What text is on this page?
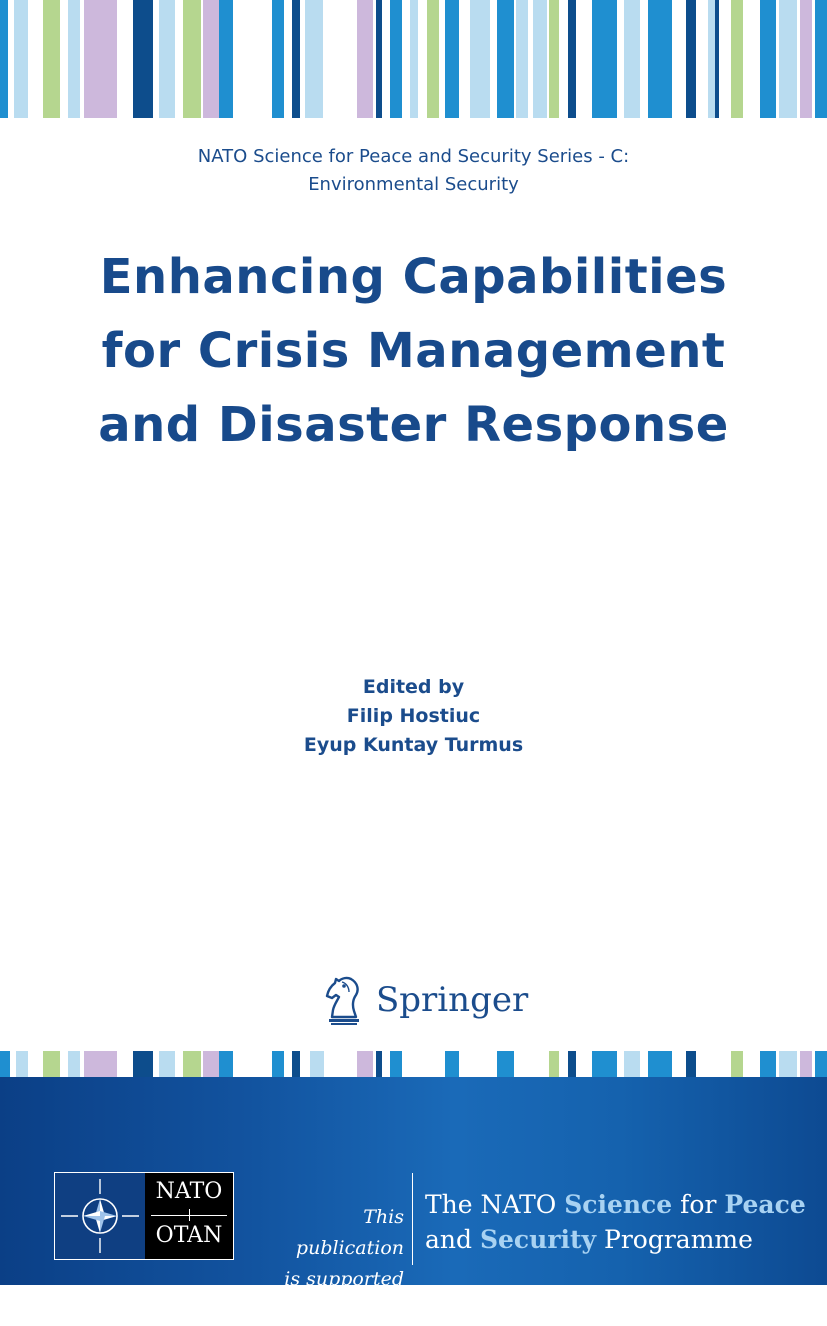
NATO Science for Peace and Security Series - C:
Environmental Security
Enhancing Capabilities
for Crisis Management
and Disaster Response
Edited by
Filip Hostiuc
Eyup Kuntay Turmus
Springer
NATO
OTAN
This publication
is supported by:
The NATO Science for Peace
and Security Programme
